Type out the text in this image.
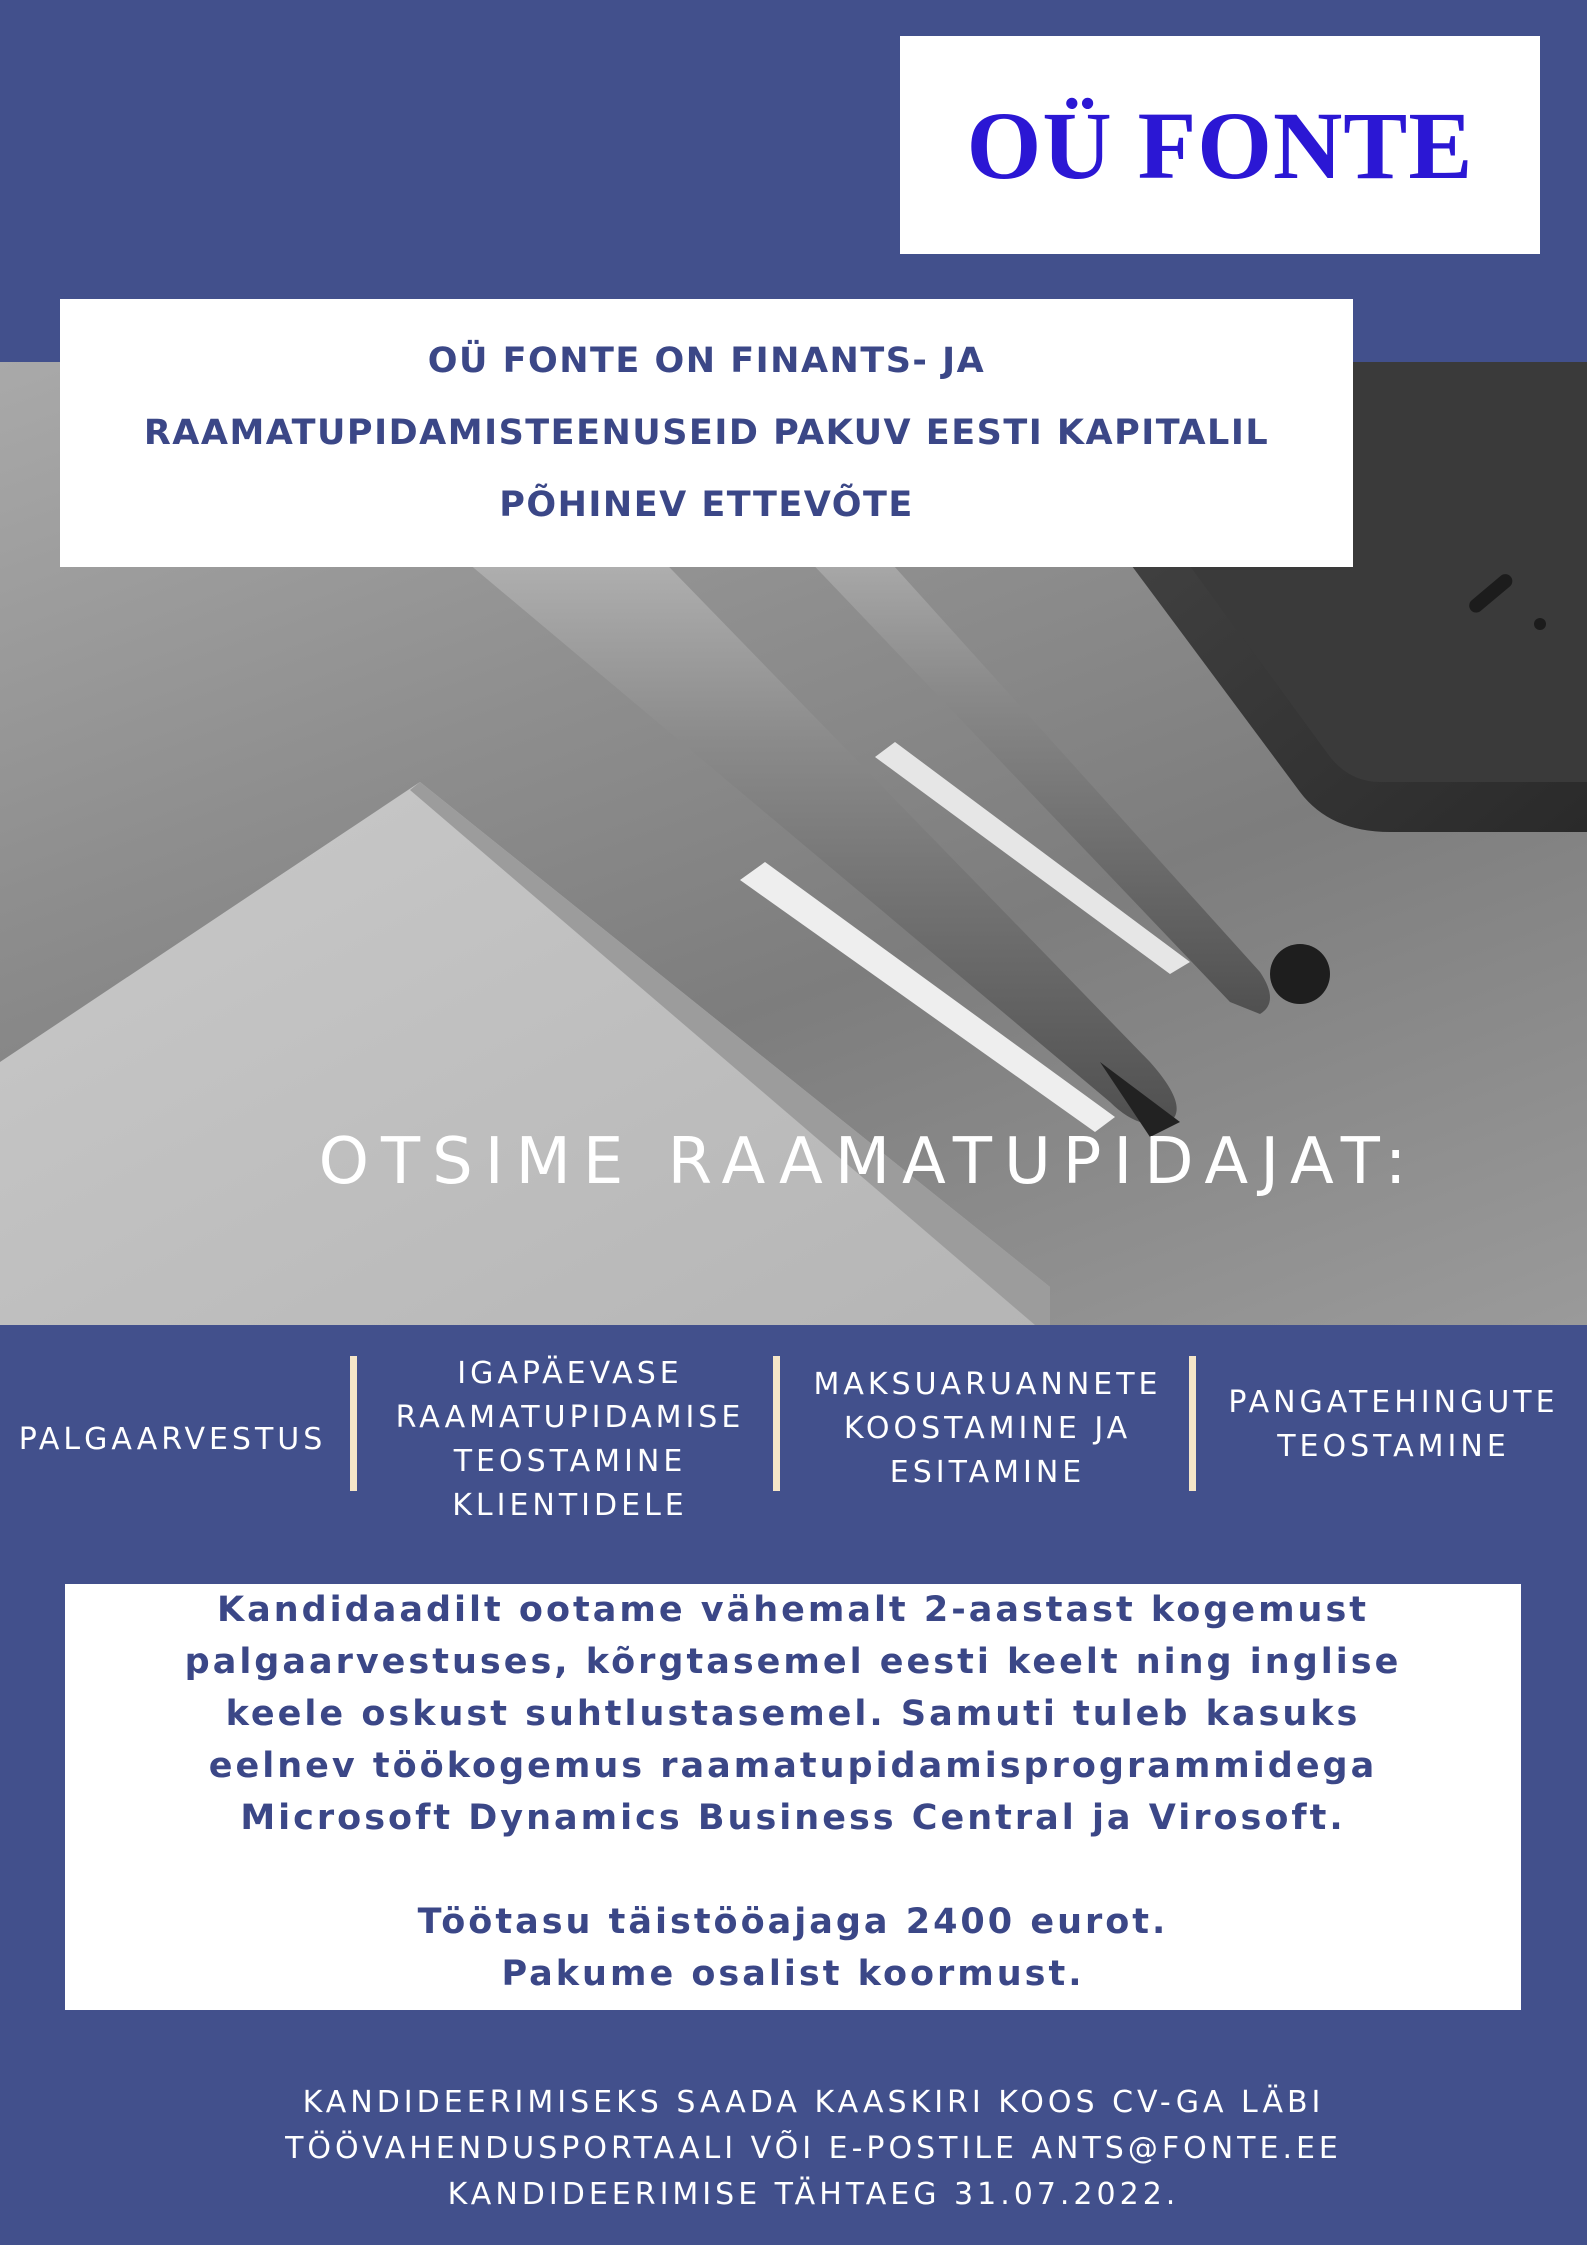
OÜ FONTE
OÜ FONTE ON FINANTS- JA
RAAMATUPIDAMISTEENUSEID PAKUV EESTI KAPITALIL
PÕHINEV ETTEVÕTE
OTSIME RAAMATUPIDAJAT:
PALGAARVESTUS
IGAPÄEVASE
RAAMATUPIDAMISE
TEOSTAMINE
KLIENTIDELE
MAKSUARUANNETE
KOOSTAMINE JA
ESITAMINE
PANGATEHINGUTE
TEOSTAMINE
Kandidaadilt ootame vähemalt 2-aastast kogemust
palgaarvestuses, kõrgtasemel eesti keelt ning inglise
keele oskust suhtlustasemel. Samuti tuleb kasuks
eelnev töökogemus raamatupidamisprogrammidega
Microsoft Dynamics Business Central ja Virosoft.
Töötasu täistööajaga 2400 eurot.
Pakume osalist koormust.
KANDIDEERIMISEKS SAADA KAASKIRI KOOS CV-GA LÄBI
TÖÖVAHENDUSPORTAALI VÕI E-POSTILE ANTS@FONTE.EE
KANDIDEERIMISE TÄHTAEG 31.07.2022.
